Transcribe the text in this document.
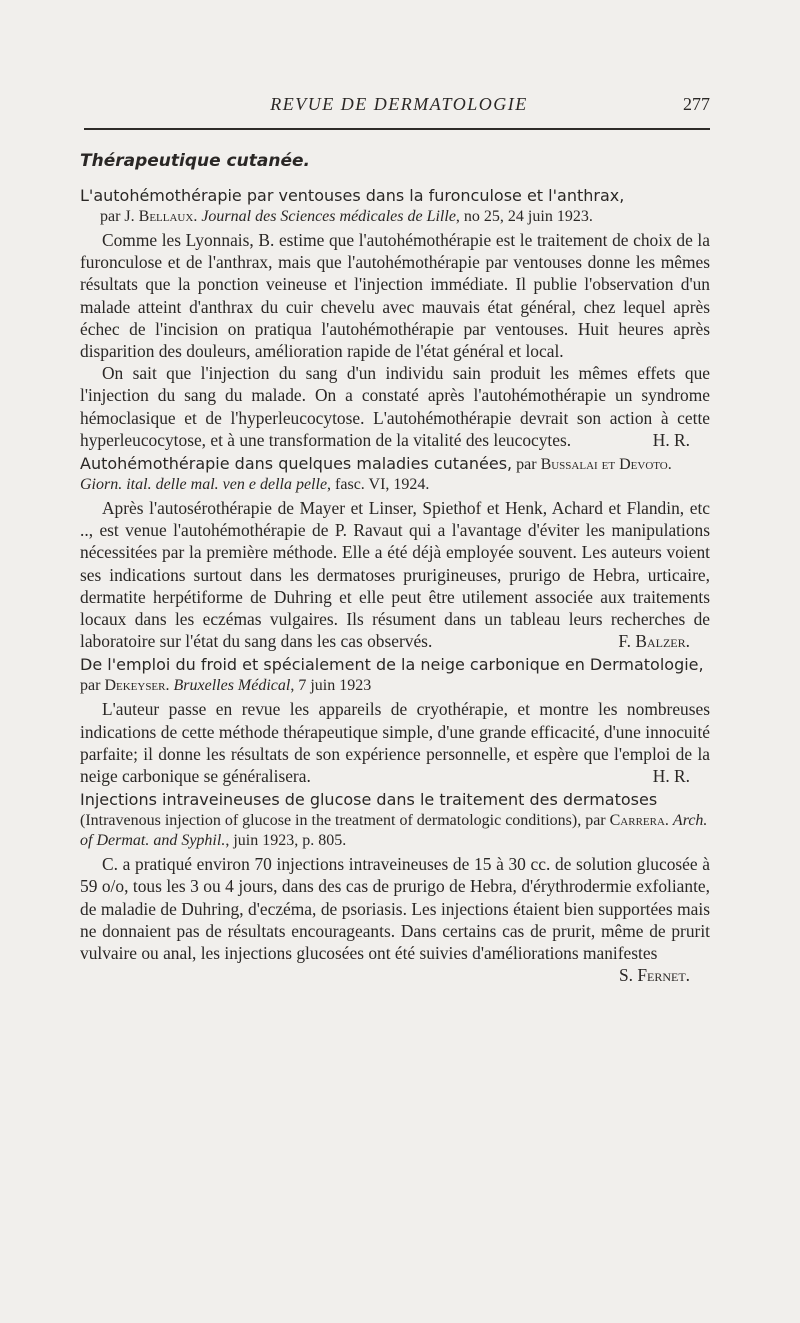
REVUE DE DERMATOLOGIE	277
Thérapeutique cutanée.
L'autohémothérapie par ventouses dans la furonculose et l'anthrax,
par J. Bellaux. Journal des Sciences médicales de Lille, no 25, 24 juin 1923.

Comme les Lyonnais, B. estime que l'autohémothérapie est le traitement de choix de la furonculose et de l'anthrax, mais que l'autohémothérapie par ventouses donne les mêmes résultats que la ponction veineuse et l'injection immédiate. Il publie l'observation d'un malade atteint d'anthrax du cuir chevelu avec mauvais état général, chez lequel après échec de l'incision on pratiqua l'autohémothérapie par ventouses. Huit heures après disparition des douleurs, amélioration rapide de l'état général et local.

On sait que l'injection du sang d'un individu sain produit les mêmes effets que l'injection du sang du malade. On a constaté après l'autohémothérapie un syndrome hémoclasique et de l'hyperleucocytose. L'autohémothérapie devrait son action à cette hyperleucocytose, et à une transformation de la vitalité des leucocytes.	H. R.

Autohémothérapie dans quelques maladies cutanées, par Bussalai et Devoto. Giorn. ital. delle mal. ven e della pelle, fasc. VI, 1924.

Après l'autosérothérapie de Mayer et Linser, Spiethof et Henk, Achard et Flandin, etc .., est venue l'autohémothérapie de P. Ravaut qui a l'avantage d'éviter les manipulations nécessitées par la première méthode. Elle a été déjà employée souvent. Les auteurs voient ses indications surtout dans les dermatoses prurigineuses, prurigo de Hebra, urticaire, dermatite herpétiforme de Duhring et elle peut être utilement associée aux traitements locaux dans les eczémas vulgaires. Ils résument dans un tableau leurs recherches de laboratoire sur l'état du sang dans les cas observés.	F. Balzer.

De l'emploi du froid et spécialement de la neige carbonique en Dermatologie, par Dekeyser. Bruxelles Médical, 7 juin 1923

L'auteur passe en revue les appareils de cryothérapie, et montre les nombreuses indications de cette méthode thérapeutique simple, d'une grande efficacité, d'une innocuité parfaite; il donne les résultats de son expérience personnelle, et espère que l'emploi de la neige carbonique se généralisera.	H. R.

Injections intraveineuses de glucose dans le traitement des dermatoses (Intravenous injection of glucose in the treatment of dermatologic conditions), par Carrera. Arch. of Dermat. and Syphil., juin 1923, p. 805.

C. a pratiqué environ 70 injections intraveineuses de 15 à 30 cc. de solution glucosée à 59 o/o, tous les 3 ou 4 jours, dans des cas de prurigo de Hebra, d'érythrodermie exfoliante, de maladie de Duhring, d'eczéma, de psoriasis. Les injections étaient bien supportées mais ne donnaient pas de résultats encourageants. Dans certains cas de prurit, même de prurit vulvaire ou anal, les injections glucosées ont été suivies d'améliorations manifestes
S. Fernet.
